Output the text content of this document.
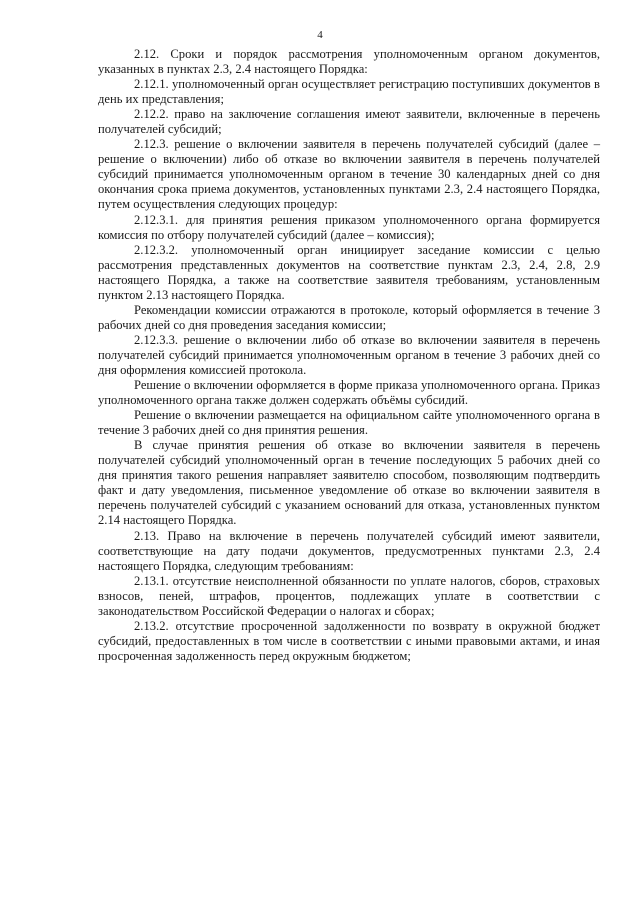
4

2.12. Сроки и порядок рассмотрения уполномоченным органом документов, указанных в пунктах 2.3, 2.4 настоящего Порядка:

2.12.1. уполномоченный орган осуществляет регистрацию поступивших документов в день их представления;

2.12.2. право на заключение соглашения имеют заявители, включенные в перечень получателей субсидий;

2.12.3. решение о включении заявителя в перечень получателей субсидий (далее – решение о включении) либо об отказе во включении заявителя в перечень получателей субсидий принимается уполномоченным органом в течение 30 календарных дней со дня окончания срока приема документов, установленных пунктами 2.3, 2.4 настоящего Порядка, путем осуществления следующих процедур:

2.12.3.1. для принятия решения приказом уполномоченного органа формируется комиссия по отбору получателей субсидий (далее – комиссия);

2.12.3.2. уполномоченный орган инициирует заседание комиссии с целью рассмотрения представленных документов на соответствие пунктам 2.3, 2.4, 2.8, 2.9 настоящего Порядка, а также на соответствие заявителя требованиям, установленным пунктом 2.13 настоящего Порядка.

Рекомендации комиссии отражаются в протоколе, который оформляется в течение 3 рабочих дней со дня проведения заседания комиссии;

2.12.3.3. решение о включении либо об отказе во включении заявителя в перечень получателей субсидий принимается уполномоченным органом в течение 3 рабочих дней со дня оформления комиссией протокола.

Решение о включении оформляется в форме приказа уполномоченного органа. Приказ уполномоченного органа также должен содержать объёмы субсидий.

Решение о включении размещается на официальном сайте уполномоченного органа в течение 3 рабочих дней со дня принятия решения.

В случае принятия решения об отказе во включении заявителя в перечень получателей субсидий уполномоченный орган в течение последующих 5 рабочих дней со дня принятия такого решения направляет заявителю способом, позволяющим подтвердить факт и дату уведомления, письменное уведомление об отказе во включении заявителя в перечень получателей субсидий с указанием оснований для отказа, установленных пунктом 2.14 настоящего Порядка.

2.13. Право на включение в перечень получателей субсидий имеют заявители, соответствующие на дату подачи документов, предусмотренных пунктами 2.3, 2.4 настоящего Порядка, следующим требованиям:

2.13.1. отсутствие неисполненной обязанности по уплате налогов, сборов, страховых взносов, пеней, штрафов, процентов, подлежащих уплате в соответствии с законодательством Российской Федерации о налогах и сборах;

2.13.2. отсутствие просроченной задолженности по возврату в окружной бюджет субсидий, предоставленных в том числе в соответствии с иными правовыми актами, и иная просроченная задолженность перед окружным бюджетом;
